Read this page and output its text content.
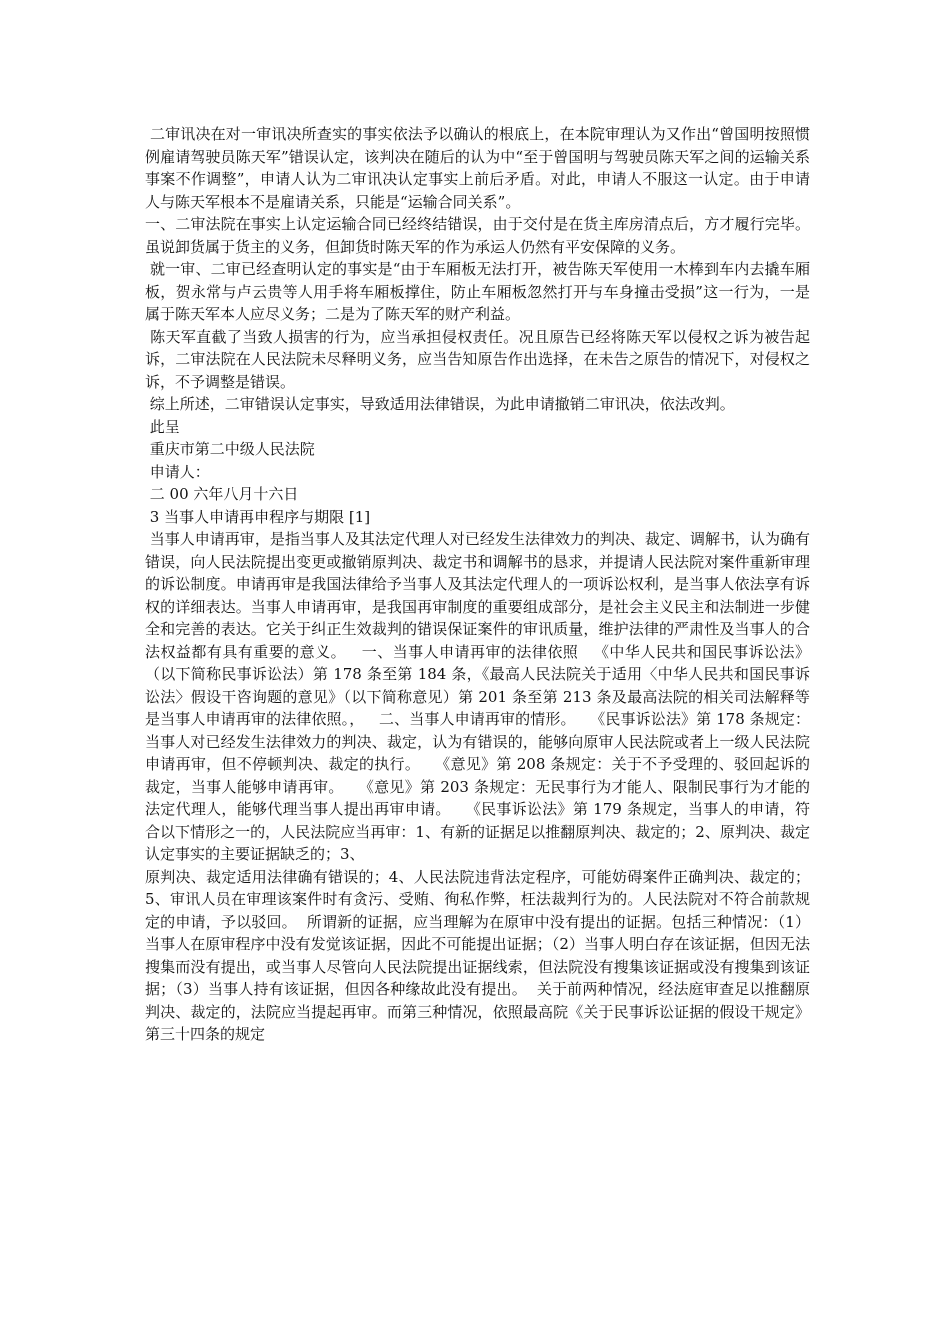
二审讯决在对一审讯决所查实的事实依法予以确认的根底上，在本院审理认为又作出“曾国明按照惯例雇请驾驶员陈天军”错误认定，该判决在随后的认为中“至于曾国明与驾驶员陈天军之间的运输关系事案不作调整”，申请人认为二审讯决认定事实上前后矛盾。对此，申请人不服这一认定。由于申请人与陈天军根本不是雇请关系，只能是“运输合同关系”。

一、二审法院在事实上认定运输合同已经终结错误，由于交付是在货主库房清点后，方才履行完毕。虽说卸货属于货主的义务，但卸货时陈天军的作为承运人仍然有平安保障的义务。

就一审、二审已经查明认定的事实是“由于车厢板无法打开，被告陈天军使用一木棒到车内去撬车厢板，贺永常与卢云贵等人用手将车厢板撑住，防止车厢板忽然打开与车身撞击受损”这一行为，一是属于陈天军本人应尽义务；二是为了陈天军的财产利益。

陈天军直截了当致人损害的行为，应当承担侵权责任。况且原告已经将陈天军以侵权之诉为被告起诉，二审法院在人民法院未尽释明义务，应当告知原告作出选择，在未告之原告的情况下，对侵权之诉，不予调整是错误。

综上所述，二审错误认定事实，导致适用法律错误，为此申请撤销二审讯决，依法改判。

此呈

重庆市第二中级人民法院

申请人：

二 00 六年八月十六日

3 当事人申请再申程序与期限 [1]

当事人申请再审，是指当事人及其法定代理人对已经发生法律效力的判决、裁定、调解书，认为确有错误，向人民法院提出变更或撤销原判决、裁定书和调解书的恳求，并提请人民法院对案件重新审理的诉讼制度。申请再审是我国法律给予当事人及其法定代理人的一项诉讼权利，是当事人依法享有诉权的详细表达。当事人申请再审，是我国再审制度的重要组成部分，是社会主义民主和法制进一步健全和完善的表达。它关于纠正生效裁判的错误保证案件的审讯质量，维护法律的严肃性及当事人的合法权益都有具有重要的意义。   一、当事人申请再审的法律依照   《中华人民共和国民事诉讼法》（以下简称民事诉讼法）第 178 条至第 184 条，《最高人民法院关于适用〈中华人民共和国民事诉讼法〉假设干咨询题的意见》（以下简称意见）第 201 条至第 213 条及最高法院的相关司法解释等是当事人申请再审的法律依照。，   二、当事人申请再审的情形。   《民事诉讼法》第 178 条规定：当事人对已经发生法律效力的判决、裁定，认为有错误的，能够向原审人民法院或者上一级人民法院申请再审，但不停顿判决、裁定的执行。   《意见》第 208 条规定：关于不予受理的、驳回起诉的裁定，当事人能够申请再审。   《意见》第 203 条规定：无民事行为才能人、限制民事行为才能的法定代理人，能够代理当事人提出再审申请。   《民事诉讼法》第 179 条规定，当事人的申请，符合以下情形之一的，人民法院应当再审：1、有新的证据足以推翻原判决、裁定的；2、原判决、裁定认定事实的主要证据缺乏的；3、

原判决、裁定适用法律确有错误的；4、人民法院违背法定程序，可能妨碍案件正确判决、裁定的；5、审讯人员在审理该案件时有贪污、受贿、徇私作弊，枉法裁判行为的。人民法院对不符合前款规定的申请，予以驳回。  所谓新的证据，应当理解为在原审中没有提出的证据。包括三种情况：（1）当事人在原审程序中没有发觉该证据，因此不可能提出证据；（2）当事人明白存在该证据，但因无法搜集而没有提出，或当事人尽管向人民法院提出证据线索，但法院没有搜集该证据或没有搜集到该证据；（3）当事人持有该证据，但因各种缘故此没有提出。  关于前两种情况，经法庭审查足以推翻原判决、裁定的，法院应当提起再审。而第三种情况，依照最高院《关于民事诉讼证据的假设干规定》第三十四条的规定
